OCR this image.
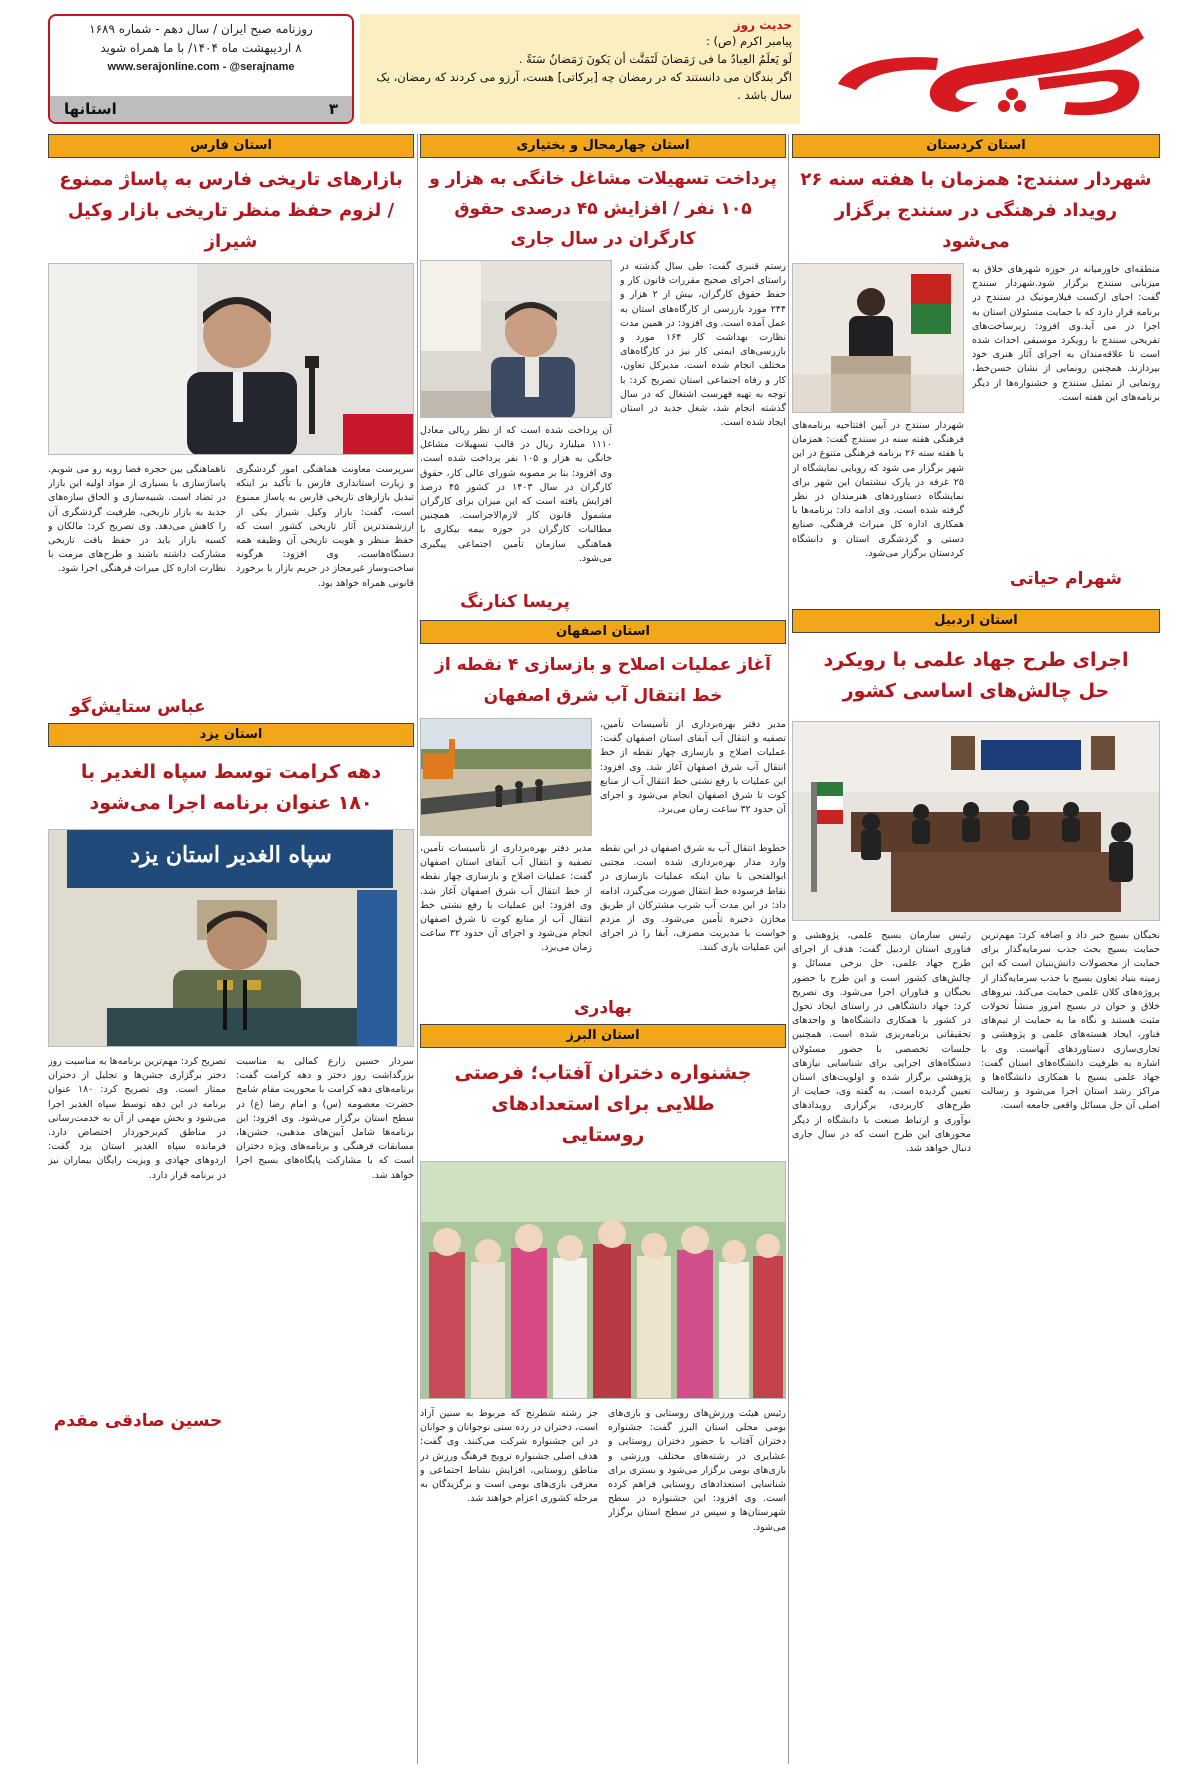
روزنامه صبح ایران / سال دهم - شماره ۱۶۸۹
۸ اردیبهشت ماه ۱۴۰۴/ با ما همراه شوید
www.serajonline.com - @serajname
۳
استانها
حدیث روز
پیامبر اکرم (ص) :
لَو يَعلَمُ العِبادُ ما فی رَمَضانَ لَتَمَنَّت أن يَكونَ رَمَضانُ سَنَةً .
اگر بندگان می دانستند که در رمضان چه [برکاتی] هست، آرزو می کردند که رمضان، یک سال باشد .
استان کردستان
شهردار سنندج: همزمان با هفته سنه ۲۶ رویداد فرهنگی در سنندج برگزار می‌شود
منطقه‌ای خاورمیانه در حوزه شهرهای خلاق به میزبانی سنندج برگزار شود.شهردار سنندج گفت: احیای ارکست فیلارمونیک در سنندج در برنامه قرار دارد که با حمایت مسئولان استان به اجرا در می آید.وی افزود: زیرساخت‌های تفریحی سنندج با رویکرد موسیقی احداث شده است تا علاقه‌مندان به اجرای آثار هنری خود بپردازند. همچنین رونمایی از نشان حسن‌خط، رونمایی از تمثیل سنندج و جشنواره‌ها از دیگر برنامه‌های این هفته است.
شهرام حیاتی
شهردار سنندج در آیین افتتاحیه برنامه‌های فرهنگی هفته سنه در سنندج گفت: همزمان با هفته سنه ۲۶ برنامه فرهنگی متنوع در این شهر برگزار می شود که رویایی نمایشگاه از ۲۵ غرفه در پارک نبشتمان این شهر برای نمایشگاه دستاوردهای هنرمندان در نظر گرفته شده است. وی ادامه داد: برنامه‌ها با همکاری اداره کل میراث فرهنگی، صنایع دستی و گردشگری استان و دانشگاه کردستان برگزار می‌شود.
استان اردبیل
اجرای طرح جهاد علمی با رویکرد حل چالش‌های اساسی کشور
نخبگان بسیج خبر داد و اضافه کرد: مهم‌ترین حمایت بسیج بحث جذب سرمایه‌گذار برای حمایت از محصولات دانش‌بنیان است که این زمینه بنیاد تعاون بسیج با جذب سرمایه‌گذار از پروژه‌های کلان علمی حمایت می‌کند. نیروهای خلاق و جوان در بسیج امروز منشأ تحولات مثبت هستند و نگاه ما به حمایت از تیم‌های فناور، ایجاد هسته‌های علمی و پژوهشی و تجاری‌سازی دستاوردهای آنهاست. وی با اشاره به ظرفیت دانشگاه‌های استان گفت: جهاد علمی بسیج با همکاری دانشگاه‌ها و مراکز رشد استان اجرا می‌شود و رسالت اصلی آن حل مسائل واقعی جامعه است.
رئیس سازمان بسیج علمی، پژوهشی و فناوری استان اردبیل گفت: هدف از اجرای طرح جهاد علمی، حل برخی مسائل و چالش‌های کشور است و این طرح با حضور نخبگان و فناوران اجرا می‌شود. وی تصریح کرد: جهاد دانشگاهی در راستای ایجاد تحول در کشور با همکاری دانشگاه‌ها و واحدهای تحقیقاتی برنامه‌ریزی شده است. همچنین جلسات تخصصی با حضور مسئولان دستگاه‌های اجرایی برای شناسایی نیازهای پژوهشی برگزار شده و اولویت‌های استان تعیین گردیده است. به گفته وی، حمایت از طرح‌های کاربردی، برگزاری رویدادهای نوآوری و ارتباط صنعت با دانشگاه از دیگر محورهای این طرح است که در سال جاری دنبال خواهد شد.
استان چهارمحال و بختیاری
پرداخت تسهیلات مشاغل خانگی به هزار و ۱۰۵ نفر / افزایش ۴۵ درصدی حقوق کارگران در سال جاری
رستم قنبری گفت: طی سال گذشته در راستای اجرای صحیح مقررات قانون کار و حفظ حقوق کارگران، بیش از ۲ هزار و ۲۴۴ مورد بازرسی از کارگاه‌های استان به عمل آمده است. وی افزود: در همین مدت نظارت بهداشت کار ۱۶۴ مورد و بازرسی‌های ایمنی کار نیز در کارگاه‌های مختلف انجام شده است. مدیرکل تعاون، کار و رفاه اجتماعی استان تصریح کرد: با توجه به تهیه فهرست اشتغال که در سال گذشته انجام شد، شغل جدید در استان ایجاد شده است.
آن پرداخت شده است که از نظر ریالی معادل ۱۱۱۰ میلیارد ریال در قالب تسهیلات مشاغل خانگی به هزار و ۱۰۵ نفر پرداخت شده است. وی افزود: بنا بر مصوبه شورای عالی کار، حقوق کارگران در سال ۱۴۰۳ در کشور ۴۵ درصد افزایش یافته است که این میزان برای کارگران مشمول قانون کار لازم‌الاجراست. همچنین مطالبات کارگران در حوزه بیمه بیکاری با هماهنگی سازمان تأمین اجتماعی پیگیری می‌شود.
پریسا کنارنگ
استان اصفهان
آغاز عملیات اصلاح و بازسازی ۴ نقطه از خط انتقال آب شرق اصفهان
مدیر دفتر بهره‌برداری از تأسیسات تأمین، تصفیه و انتقال آب آبفای استان اصفهان گفت: عملیات اصلاح و بازسازی چهار نقطه از خط انتقال آب شرق اصفهان آغاز شد. وی افزود: این عملیات با رفع نشتی خط انتقال آب از منابع کوت تا شرق اصفهان انجام می‌شود و اجرای آن حدود ۳۲ ساعت زمان می‌برد.
خطوط انتقال آب به شرق اصفهان در این نقطه وارد مدار بهره‌برداری شده است. مجتبی ابوالفتحی با بیان اینکه عملیات بازسازی در نقاط فرسوده خط انتقال صورت می‌گیرد، ادامه داد: در این مدت آب شرب مشترکان از طریق مخازن ذخیره تأمین می‌شود. وی از مردم خواست با مدیریت مصرف، آبفا را در اجرای این عملیات یاری کنند.
مدیر دفتر بهره‌برداری از تأسیسات تأمین، تصفیه و انتقال آب آبفای استان اصفهان گفت: عملیات اصلاح و بازسازی چهار نقطه از خط انتقال آب شرق اصفهان آغاز شد. وی افزود: این عملیات با رفع نشتی خط انتقال آب از منابع کوت تا شرق اصفهان انجام می‌شود و اجرای آن حدود ۳۲ ساعت زمان می‌برد.
بهادری
استان البرز
جشنواره دختران آفتاب؛ فرصتی طلایی برای استعدادهای روستایی
رئیس هیئت ورزش‌های روستایی و بازی‌های بومی محلی استان البرز گفت: جشنواره دختران آفتاب با حضور دختران روستایی و عشایری در رشته‌های مختلف ورزشی و بازی‌های بومی برگزار می‌شود و بستری برای شناسایی استعدادهای روستایی فراهم کرده است. وی افزود: این جشنواره در سطح شهرستان‌ها و سپس در سطح استان برگزار می‌شود.
جز رشته شطرنج که مربوط به سنین آزاد است، دختران در رده سنی نوجوانان و جوانان در این جشنواره شرکت می‌کنند. وی گفت: هدف اصلی جشنواره ترویج فرهنگ ورزش در مناطق روستایی، افزایش نشاط اجتماعی و معرفی بازی‌های بومی است و برگزیدگان به مرحله کشوری اعزام خواهند شد.
استان فارس
بازارهای تاریخی فارس به پاساژ ممنوع / لزوم حفظ منظر تاریخی بازار وکیل شیراز
سرپرست معاونت هماهنگی امور گردشگری و زیارت استانداری فارس با تأکید بر اینکه تبدیل بازارهای تاریخی فارس به پاساژ ممنوع است، گفت: بازار وکیل شیراز یکی از ارزشمندترین آثار تاریخی کشور است که حفظ منظر و هویت تاریخی آن وظیفه همه دستگاه‌هاست. وی افزود: هرگونه ساخت‌وساز غیرمجاز در حریم بازار با برخورد قانونی همراه خواهد بود.
ناهماهنگی بین حجره فضا روبه رو می شویم. پاساژسازی با بسیاری از مواد اولیه این بازار در تضاد است. شبیه‌سازی و الحاق سازه‌های جدید به بازار تاریخی، ظرفیت گردشگری آن را کاهش می‌دهد. وی تصریح کرد: مالکان و کسبه بازار باید در حفظ بافت تاریخی مشارکت داشته باشند و طرح‌های مرمت با نظارت اداره کل میراث فرهنگی اجرا شود.
عباس ستایش‌گو
استان یزد
دهه کرامت توسط سپاه الغدیر با ۱۸۰ عنوان برنامه اجرا می‌شود
سپاه الغدیر استان یزد
سردار حسین زارع کمالی به مناسبت بزرگداشت روز دختر و دهه کرامت گفت: برنامه‌های دهه کرامت با محوریت مقام شامخ حضرت معصومه (س) و امام رضا (ع) در سطح استان برگزار می‌شود. وی افزود: این برنامه‌ها شامل آیین‌های مذهبی، جشن‌ها، مسابقات فرهنگی و برنامه‌های ویژه دختران است که با مشارکت پایگاه‌های بسیج اجرا خواهد شد.
تصریح کرد: مهم‌ترین برنامه‌ها به مناسبت روز دختر برگزاری جشن‌ها و تجلیل از دختران ممتاز است. وی تصریح کرد: ۱۸۰ عنوان برنامه در این دهه توسط سپاه الغدیر اجرا می‌شود و بخش مهمی از آن به خدمت‌رسانی در مناطق کم‌برخوردار اختصاص دارد. فرمانده سپاه الغدیر استان یزد گفت: اردوهای جهادی و ویزیت رایگان بیماران نیز در برنامه قرار دارد.
حسین صادقی مقدم
